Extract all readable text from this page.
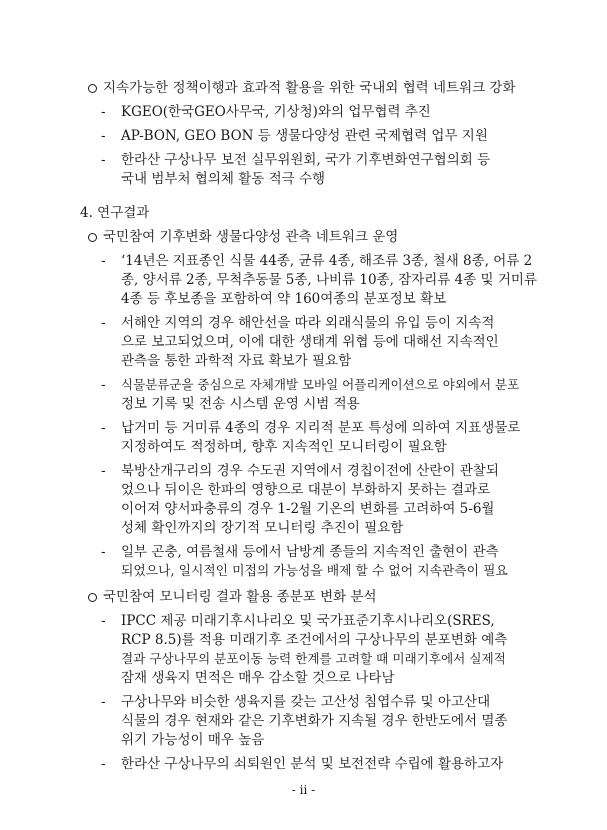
지속가능한 정책이행과 효과적 활용을 위한 국내외 협력 네트워크 강화
- KGEO(한국GEO사무국, 기상청)와의 업무협력 추진
- AP-BON, GEO BON 등 생물다양성 관련 국제협력 업무 지원
- 한라산 구상나무 보전 실무위원회, 국가 기후변화연구협의회 등
국내 범부처 협의체 활동 적극 수행
4. 연구결과
국민참여 기후변화 생물다양성 관측 네트워크 운영
- ‘14년은 지표종인 식물 44종, 균류 4종, 해조류 3종, 철새 8종, 어류 2
종, 양서류 2종, 무척추동물 5종, 나비류 10종, 잠자리류 4종 및 거미류
4종 등 후보종을 포함하여 약 160여종의 분포정보 확보
- 서해안 지역의 경우 해안선을 따라 외래식물의 유입 등이 지속적
으로 보고되었으며, 이에 대한 생태계 위협 등에 대해선 지속적인
관측을 통한 과학적 자료 확보가 필요함
- 식물분류군을 중심으로 자체개발 모바일 어플리케이션으로 야외에서 분포
정보 기록 및 전송 시스템 운영 시범 적용
- 납거미 등 거미류 4종의 경우 지리적 분포 특성에 의하여 지표생물로
지정하여도 적정하며, 향후 지속적인 모니터링이 필요함
- 북방산개구리의 경우 수도권 지역에서 경칩이전에 산란이 관찰되
었으나 뒤이은 한파의 영향으로 대분이 부화하지 못하는 결과로
이어져 양서파충류의 경우 1-2월 기온의 변화를 고려하여 5-6월
성체 확인까지의 장기적 모니터링 추진이 필요함
- 일부 곤충, 여름철새 등에서 남방계 종들의 지속적인 출현이 관측
되었으나, 일시적인 미접의 가능성을 배제 할 수 없어 지속관측이 필요
국민참여 모니터링 결과 활용 종분포 변화 분석
- IPCC 제공 미래기후시나리오 및 국가표준기후시나리오(SRES,
RCP 8.5)를 적용 미래기후 조건에서의 구상나무의 분포변화 예측
결과 구상나무의 분포이동 능력 한계를 고려할 때 미래기후에서 실제적
잠재 생육지 면적은 매우 감소할 것으로 나타남
- 구상나무와 비슷한 생육지를 갖는 고산성 침엽수류 및 아고산대
식물의 경우 현재와 같은 기후변화가 지속될 경우 한반도에서 멸종
위기 가능성이 매우 높음
- 한라산 구상나무의 쇠퇴원인 분석 및 보전전략 수립에 활용하고자
- ii -
